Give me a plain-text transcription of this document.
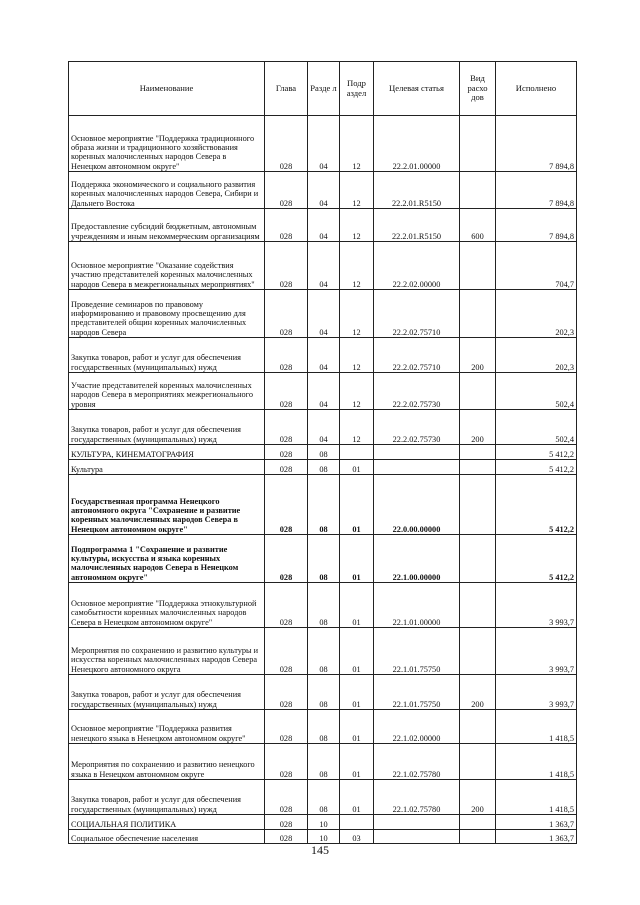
Наименование	Глава	Разде л	Подр аздел	Целевая статья	Вид расхо дов	Исполнено
Основное мероприятие "Поддержка традиционного образа жизни и традиционного хозяйствования коренных малочисленных народов Севера в Ненецком автономном округе"	028	04	12	22.2.01.00000		7 894,8
Поддержка экономического и социального развития коренных малочисленных народов Севера, Сибири и Дальнего Востока	028	04	12	22.2.01.R5150		7 894,8
Предоставление субсидий бюджетным, автономным учреждениям и иным некоммерческим организациям	028	04	12	22.2.01.R5150	600	7 894,8
Основное мероприятие "Оказание содействия участию представителей коренных малочисленных народов Севера в межрегиональных мероприятиях"	028	04	12	22.2.02.00000		704,7
Проведение семинаров по правовому информированию и правовому просвещению для представителей общин коренных малочисленных народов Севера	028	04	12	22.2.02.75710		202,3
Закупка товаров, работ и услуг для обеспечения государственных (муниципальных) нужд	028	04	12	22.2.02.75710	200	202,3
Участие представителей коренных малочисленных народов Севера в мероприятиях межрегионального уровня	028	04	12	22.2.02.75730		502,4
Закупка товаров, работ и услуг для обеспечения государственных (муниципальных) нужд	028	04	12	22.2.02.75730	200	502,4
КУЛЬТУРА, КИНЕМАТОГРАФИЯ	028	08				5 412,2
Культура	028	08	01			5 412,2
Государственная программа Ненецкого автономного округа "Сохранение и развитие коренных малочисленных народов Севера в Ненецком автономном округе"	028	08	01	22.0.00.00000		5 412,2
Подпрограмма 1 "Сохранение и развитие культуры, искусства и языка коренных малочисленных народов Севера в Ненецком автономном округе"	028	08	01	22.1.00.00000		5 412,2
Основное мероприятие "Поддержка этнокультурной самобытности коренных малочисленных народов Севера в Ненецком автономном округе"	028	08	01	22.1.01.00000		3 993,7
Мероприятия по сохранению и развитию культуры и искусства коренных малочисленных народов Севера Ненецкого автономного округа	028	08	01	22.1.01.75750		3 993,7
Закупка товаров, работ и услуг для обеспечения государственных (муниципальных) нужд	028	08	01	22.1.01.75750	200	3 993,7
Основное мероприятие "Поддержка развития ненецкого языка в Ненецком автономном округе"	028	08	01	22.1.02.00000		1 418,5
Мероприятия по сохранению и развитию ненецкого языка в Ненецком автономном округе	028	08	01	22.1.02.75780		1 418,5
Закупка товаров, работ и услуг для обеспечения государственных (муниципальных) нужд	028	08	01	22.1.02.75780	200	1 418,5
СОЦИАЛЬНАЯ ПОЛИТИКА	028	10				1 363,7
Социальное обеспечение населения	028	10	03			1 363,7
145
